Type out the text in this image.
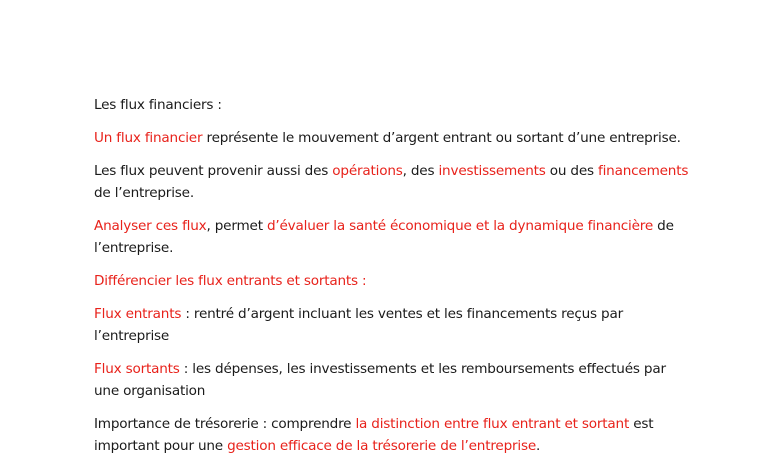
Les flux financiers :

Un flux financier représente le mouvement d’argent entrant ou sortant d’une entreprise.

Les flux peuvent provenir aussi des opérations, des investissements ou des financements de l’entreprise.

Analyser ces flux, permet d’évaluer la santé économique et la dynamique financière de l’entreprise.

Différencier les flux entrants et sortants :

Flux entrants : rentré d’argent incluant les ventes et les financements reçus par l’entreprise

Flux sortants : les dépenses, les investissements et les remboursements effectués par une organisation

Importance de trésorerie : comprendre la distinction entre flux entrant et sortant est important pour une gestion efficace de la trésorerie de l’entreprise.
